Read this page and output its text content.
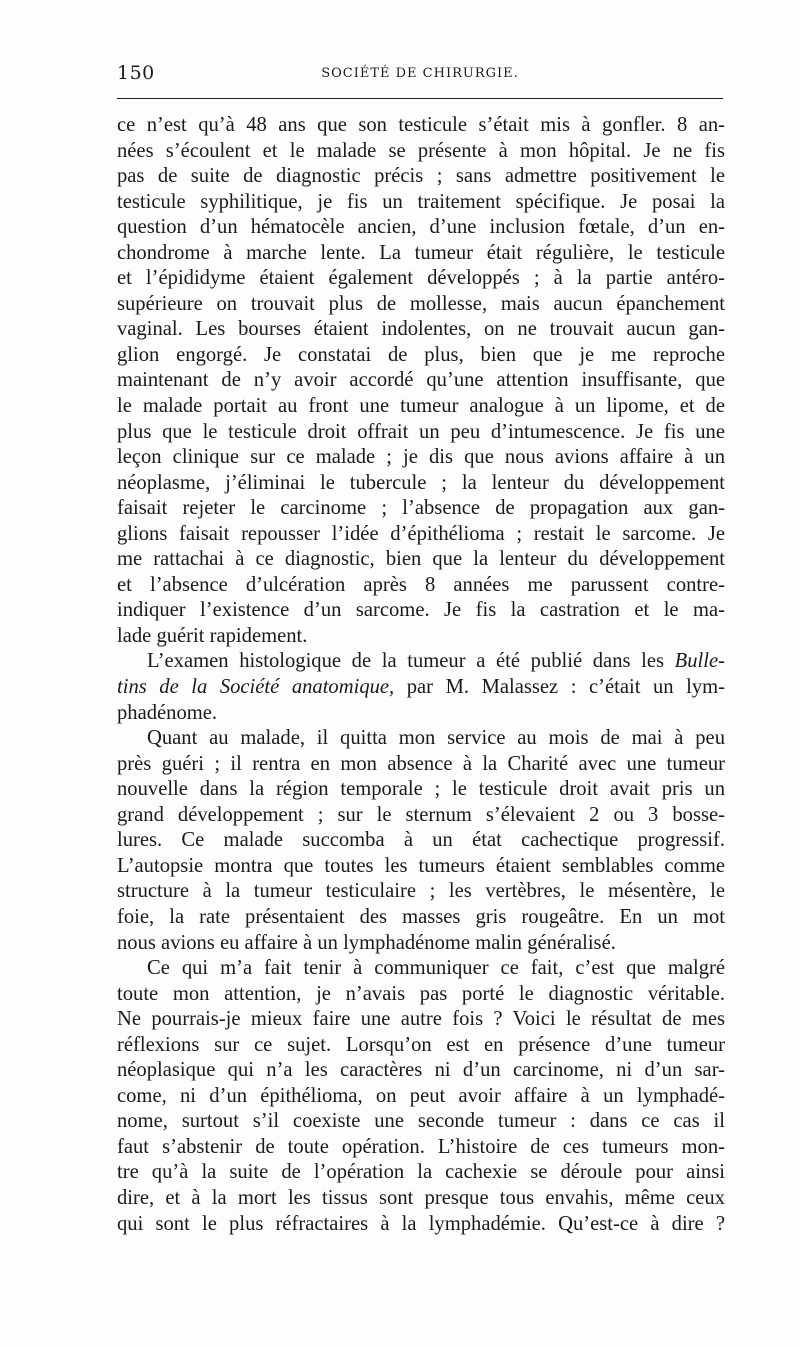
150	SOCIÉTÉ DE CHIRURGIE.

ce n’est qu’à 48 ans que son testicule s’était mis à gonfler. 8 an-
nées s’écoulent et le malade se présente à mon hôpital. Je ne fis
pas de suite de diagnostic précis ; sans admettre positivement le
testicule syphilitique, je fis un traitement spécifique. Je posai la
question d’un hématocèle ancien, d’une inclusion fœtale, d’un en-
chondrome à marche lente. La tumeur était régulière, le testicule
et l’épididyme étaient également développés ; à la partie antéro-
supérieure on trouvait plus de mollesse, mais aucun épanchement
vaginal. Les bourses étaient indolentes, on ne trouvait aucun gan-
glion engorgé. Je constatai de plus, bien que je me reproche
maintenant de n’y avoir accordé qu’une attention insuffisante, que
le malade portait au front une tumeur analogue à un lipome, et de
plus que le testicule droit offrait un peu d’intumescence. Je fis une
leçon clinique sur ce malade ; je dis que nous avions affaire à un
néoplasme, j’éliminai le tubercule ; la lenteur du développement
faisait rejeter le carcinome ; l’absence de propagation aux gan-
glions faisait repousser l’idée d’épithélioma ; restait le sarcome. Je
me rattachai à ce diagnostic, bien que la lenteur du développement
et l’absence d’ulcération après 8 années me parussent contre-
indiquer l’existence d’un sarcome. Je fis la castration et le ma-
lade guérit rapidement.

L’examen histologique de la tumeur a été publié dans les Bulle-
tins de la Société anatomique, par M. Malassez : c’était un lym-
phadénome.

Quant au malade, il quitta mon service au mois de mai à peu
près guéri ; il rentra en mon absence à la Charité avec une tumeur
nouvelle dans la région temporale ; le testicule droit avait pris un
grand développement ; sur le sternum s’élevaient 2 ou 3 bosse-
lures. Ce malade succomba à un état cachectique progressif.
L’autopsie montra que toutes les tumeurs étaient semblables comme
structure à la tumeur testiculaire ; les vertèbres, le mésentère, le
foie, la rate présentaient des masses gris rougeâtre. En un mot
nous avions eu affaire à un lymphadénome malin généralisé.

Ce qui m’a fait tenir à communiquer ce fait, c’est que malgré
toute mon attention, je n’avais pas porté le diagnostic véritable.
Ne pourrais-je mieux faire une autre fois ? Voici le résultat de mes
réflexions sur ce sujet. Lorsqu’on est en présence d’une tumeur
néoplasique qui n’a les caractères ni d’un carcinome, ni d’un sar-
come, ni d’un épithélioma, on peut avoir affaire à un lymphadé-
nome, surtout s’il coexiste une seconde tumeur : dans ce cas il
faut s’abstenir de toute opération. L’histoire de ces tumeurs mon-
tre qu’à la suite de l’opération la cachexie se déroule pour ainsi
dire, et à la mort les tissus sont presque tous envahis, même ceux
qui sont le plus réfractaires à la lymphadémie. Qu’est-ce à dire ?
